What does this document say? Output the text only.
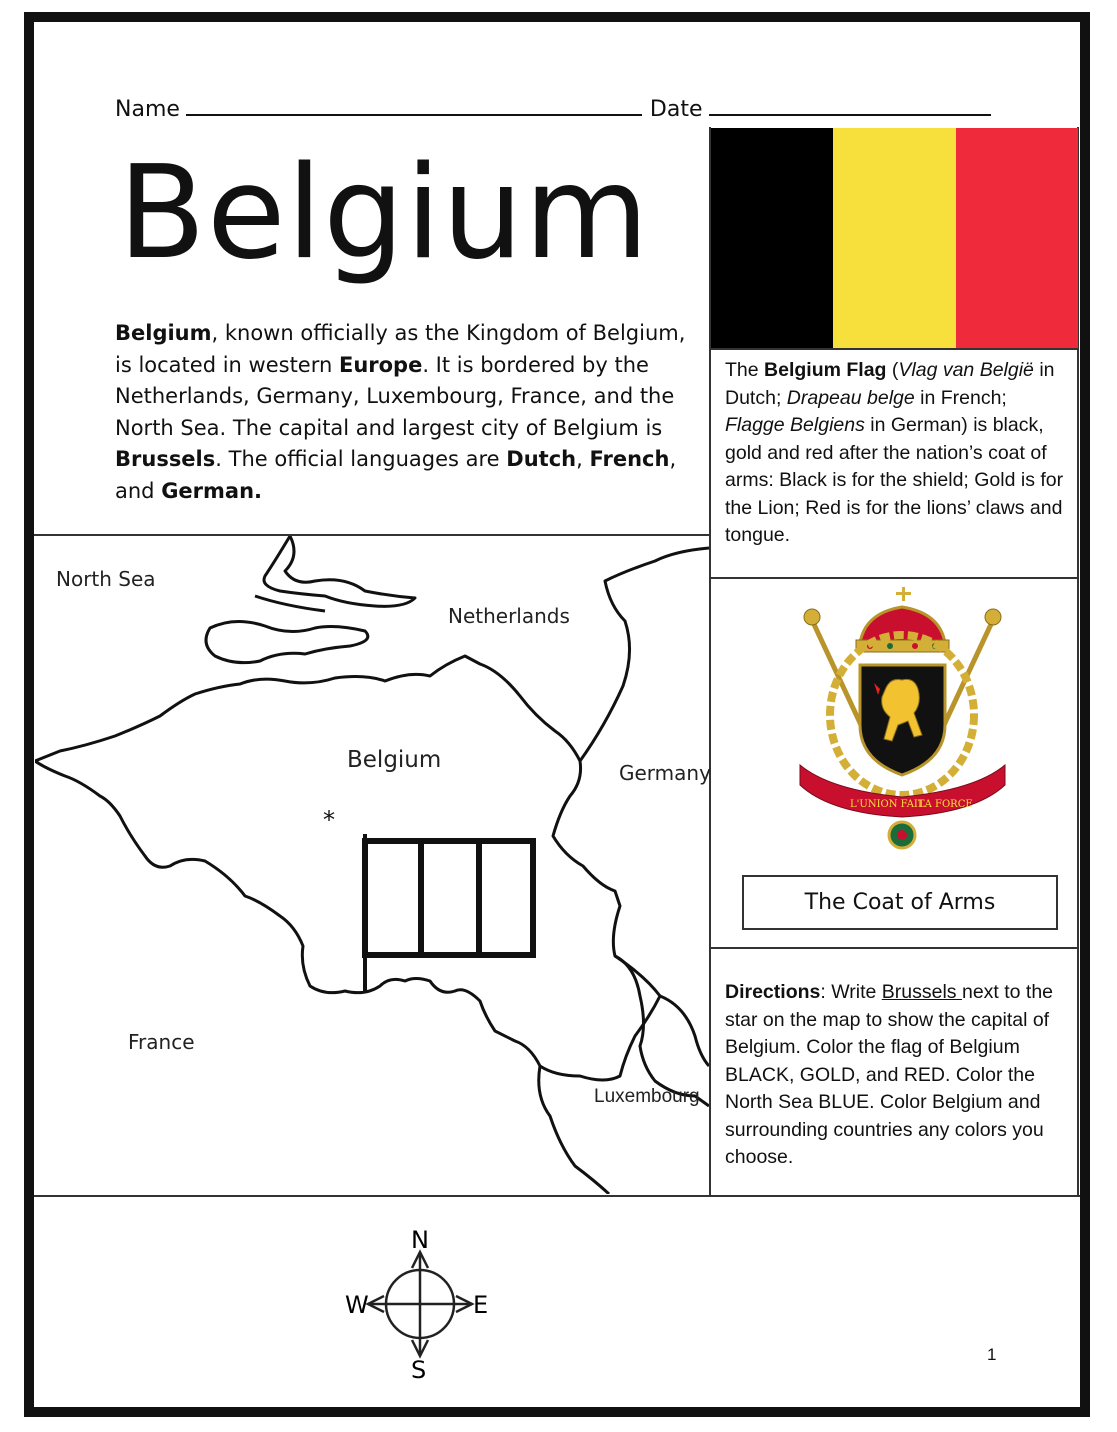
Name	Date
Belgium
Belgium, known officially as the Kingdom of Belgium, is located in western Europe. It is bordered by the Netherlands, Germany, Luxembourg, France, and the North Sea. The capital and largest city of Belgium is Brussels. The official languages are Dutch, French, and German.
The Belgium Flag (Vlag van België in Dutch; Drapeau belge in French; Flagge Belgiens in German) is black, gold and red after the nation’s coat of arms: Black is for the shield; Gold is for the Lion; Red is for the lions’ claws and tongue.
L'UNION FAIT
LA FORCE
The Coat of Arms
Directions: Write Brussels next to the star on the map to show the capital of Belgium. Color the flag of Belgium BLACK, GOLD, and RED. Color the North Sea BLUE. Color Belgium and surrounding countries any colors you choose.
*
North Sea
Netherlands
Belgium	Germany
France
Luxembourg
N
S
E
W
1
